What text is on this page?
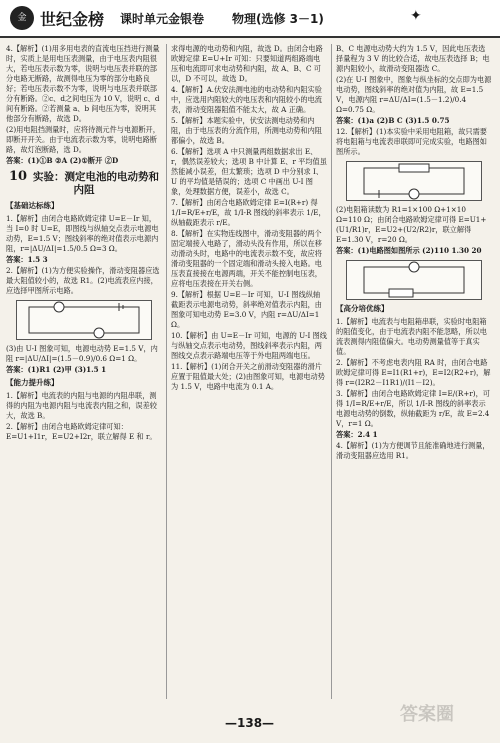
金 世纪金榜 课时单元金银卷 物理(选修 3－1)	✦

4.【解析】(1)用多用电表的直流电压挡进行测量时，实质上是用电压表测量，由于电压表内阻很大，若电压表示数为零，说明与电压表并联的部分电路无断路，故测得电压为零的部分电路良好；若电压表示数不为零，说明与电压表并联部分有断路。②c、d之间电压为 10 V，说明 c、d 间有断路。②若测量 a、b 间电压为零，说明其他部分有断路，故选 D。

(2)用电阻挡测量时，应将待测元件与电源断开，即断开开关。由于电流表示数为零，说明电路断路，故灯泡断路，选 D。

答案：(1)①B ②A (2)①断开 ②D

10 实验：测定电池的电动势和内阻
【基础达标练】

1.【解析】由闭合电路欧姆定律 U=E－Ir 知，当 I=0 时 U=E，即图线与纵轴交点表示电源电动势，E=1.5 V；图线斜率的绝对值表示电源内阻，r=|ΔU/ΔI|=1.5/0.5 Ω=3 Ω。

答案：1.5 3

2.【解析】(1)为方便实验操作，滑动变阻器应选最大阻值较小的，故选 R1。(2)电流表应内接，应选择甲图所示电路。

(3)由 U-I 图象可知，电源电动势 E=1.5 V，内阻 r=|ΔU/ΔI|=(1.5－0.9)/0.6 Ω=1 Ω。

答案：(1)R1 (2)甲 (3)1.5 1

【能力提升练】

1.【解析】电流表的内阻与电源的内阻串联，测得的内阻为电源内阻与电流表内阻之和，误差较大，故选 B。

2.【解析】由闭合电路欧姆定律可知：E=U1+I1r，E=U2+I2r，联立解得 E 和 r。

求得电源的电动势和内阻，故选 D。由闭合电路欧姆定律 E=U+Ir 可知：只要知道两组路端电压和电流即可求电动势和内阻，故 A、B、C 可以，D 不可以，故选 D。

4.【解析】A.伏安法测电池的电动势和内阻实验中，应选用内阻较大的电压表和内阻较小的电流表，滑动变阻器阻值不能太大，故 A 正确。

5.【解析】本题实验中，伏安法测电动势和内阻，由于电压表的分流作用，所测电动势和内阻都偏小，故选 B。

6.【解析】选项 A 中只测量两组数据求出 E、r，偶然误差较大；选项 B 中计算 E、r 平均值虽然能减小误差，但太繁琐；选项 D 中分别求 I、U 的平均值是错误的；选项 C 中画出 U-I 图象，处理数据方便，误差小，故选 C。

7.【解析】由闭合电路欧姆定律 E=I(R+r) 得 1/I=R/E+r/E，故 1/I-R 图线的斜率表示 1/E，纵轴截距表示 r/E。

8.【解析】在实物连线图中，滑动变阻器的两个固定端接入电路了，滑动头没有作用，所以在移动滑动头时，电路中的电流表示数不变，故应将滑动变阻器的一个固定端和滑动头接入电路。电压表直接接在电源两端，开关不能控制电压表，应将电压表接在开关右侧。

9.【解析】根据 U=E－Ir 可知，U-I 图线纵轴截距表示电源电动势，斜率绝对值表示内阻，由图象可知电动势 E=3.0 V，内阻 r=ΔU/ΔI=1 Ω。

10.【解析】由 U=E－Ir 可知，电源的 U-I 图线与纵轴交点表示电动势，图线斜率表示内阻，两图线交点表示路端电压等于外电阻两端电压。

11.【解析】(1)闭合开关之前滑动变阻器的滑片应置于阻值最大处；(2)由图象可知，电源电动势为 1.5 V，电路中电流为 0.1 A。

B、C 电源电动势大约为 1.5 V，因此电压表选择量程为 3 V 的比较合适，故电压表选择 B；电源内阻较小，故滑动变阻器选 C。

(2)在 U-I 图象中，图象与纵坐标的交点即为电源电动势，图线斜率的绝对值为内阻，故 E=1.5 V，电源内阻 r=ΔU/ΔI=(1.5－1.2)/0.4 Ω=0.75 Ω。

答案：(1)a (2)B C (3)1.5 0.75

12.【解析】(1)本实验中采用电阻箱，故只需要将电阻箱与电流表串联即可完成实验，电路图如图所示。

(2)电阻箱读数为 R1=1×100 Ω+1×10 Ω=110 Ω；由闭合电路欧姆定律可得 E=U1+(U1/R1)r，E=U2+(U2/R2)r，联立解得 E=1.30 V，r=20 Ω。

答案：(1)电路图如图所示 (2)110 1.30 20

【高分培优练】

1.【解析】电流表与电阻箱串联，实验时电阻箱的阻值变化，由于电流表内阻不能忽略，所以电流表测得内阻值偏大。电动势测量值等于真实值。

2.【解析】不考虑电表内阻 RA 时，由闭合电路欧姆定律可得 E=I1(R1+r)，E=I2(R2+r)，解得 r=(I2R2－I1R1)/(I1－I2)。

3.【解析】由闭合电路欧姆定律 I=E/(R+r)，可得 1/I=R/E+r/E，所以 1/I-R 图线的斜率表示电源电动势的倒数，纵轴截距为 r/E，故 E=2.4 V，r=1 Ω。

答案：2.4 1

4.【解析】(1)为方便调节且能准确地进行测量，滑动变阻器应选用 R1。

—138—	答案圈
